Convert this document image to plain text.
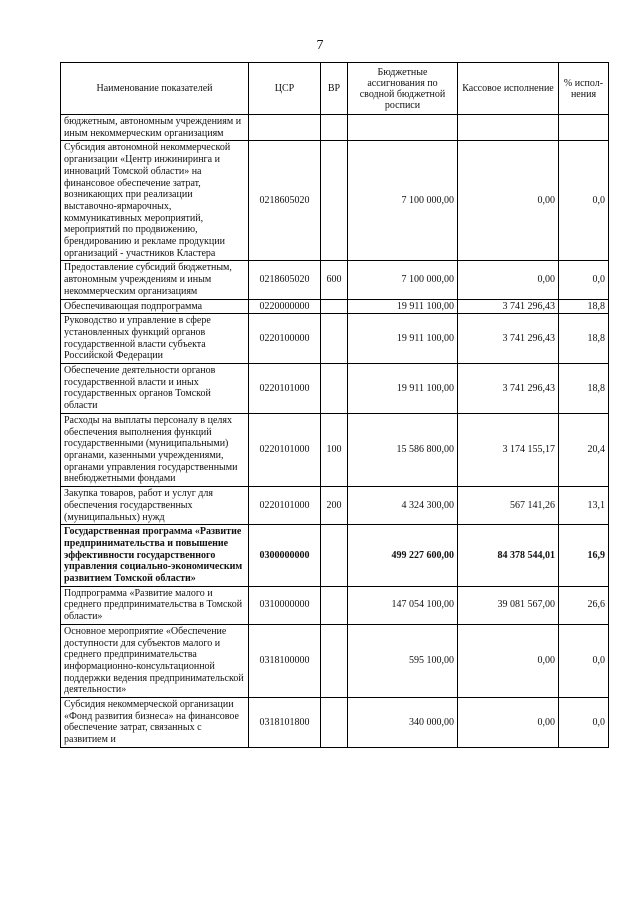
7
Наименование показателей	ЦСР	ВР	Бюджетные ассигнования по сводной бюджетной росписи	Кассовое исполнение	% испол-нения
бюджетным, автономным учреждениям и иным некоммерческим организациям					
Субсидия автономной некоммерческой организации «Центр инжиниринга и инноваций Томской области» на финансовое обеспечение затрат, возникающих при реализации выставочно-ярмарочных, коммуникативных мероприятий, мероприятий по продвижению, брендированию и рекламе продукции организаций - участников Кластера	0218605020		7 100 000,00	0,00	0,0
Предоставление субсидий бюджетным, автономным учреждениям и иным некоммерческим организациям	0218605020	600	7 100 000,00	0,00	0,0
Обеспечивающая подпрограмма	0220000000		19 911 100,00	3 741 296,43	18,8
Руководство и управление в сфере установленных функций органов государственной власти субъекта Российской Федерации	0220100000		19 911 100,00	3 741 296,43	18,8
Обеспечение деятельности органов государственной власти и иных государственных органов Томской области	0220101000		19 911 100,00	3 741 296,43	18,8
Расходы на выплаты персоналу в целях обеспечения выполнения функций государственными (муниципальными) органами, казенными учреждениями, органами управления государственными внебюджетными фондами	0220101000	100	15 586 800,00	3 174 155,17	20,4
Закупка товаров, работ и услуг для обеспечения государственных (муниципальных) нужд	0220101000	200	4 324 300,00	567 141,26	13,1
Государственная программа «Развитие предпринимательства и повышение эффективности государственного управления социально-экономическим развитием Томской области»	0300000000		499 227 600,00	84 378 544,01	16,9
Подпрограмма «Развитие малого и среднего предпринимательства в Томской области»	0310000000		147 054 100,00	39 081 567,00	26,6
Основное мероприятие «Обеспечение доступности для субъектов малого и среднего предпринимательства информационно-консультационной поддержки ведения предпринимательской деятельности»	0318100000		595 100,00	0,00	0,0
Субсидия некоммерческой организации «Фонд развития бизнеса» на финансовое обеспечение затрат, связанных с развитием и	0318101800		340 000,00	0,00	0,0
